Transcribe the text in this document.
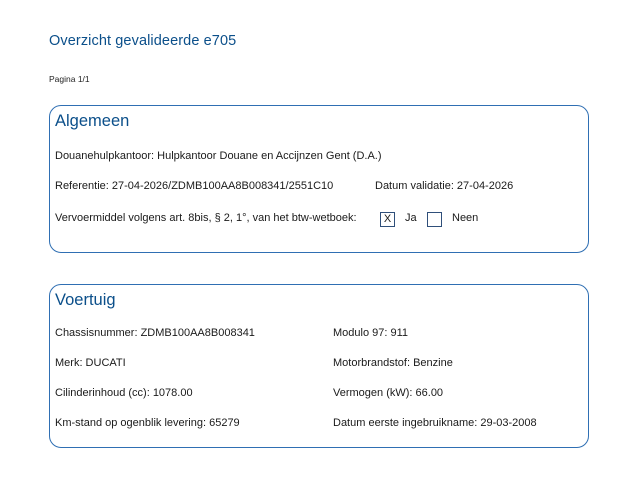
Overzicht gevalideerde e705
Pagina 1/1
Algemeen
Douanehulpkantoor: Hulpkantoor Douane en Accijnzen Gent (D.A.)
Referentie: 27-04-2026/ZDMB100AA8B008341/2551C10	Datum validatie: 27-04-2026
Vervoermiddel volgens art. 8bis, § 2, 1°, van het btw-wetboek:	X	Ja	Neen
Voertuig
Chassisnummer: ZDMB100AA8B008341	Modulo 97: 911
Merk: DUCATI	Motorbrandstof: Benzine
Cilinderinhoud (cc): 1078.00	Vermogen (kW): 66.00
Km-stand op ogenblik levering: 65279	Datum eerste ingebruikname: 29-03-2008
